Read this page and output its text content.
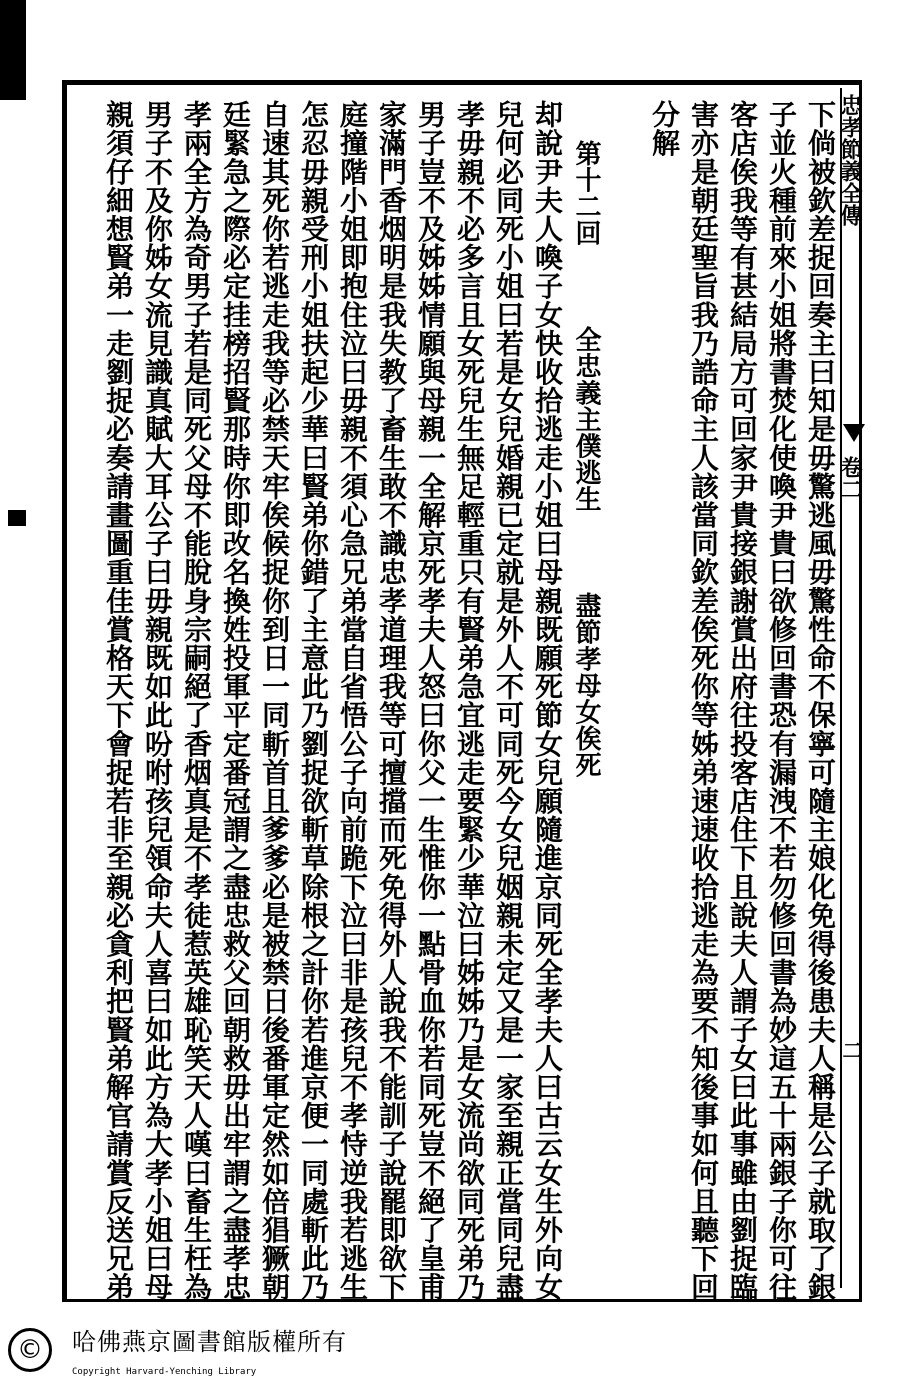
忠孝節義全傳
卷二
二
下倘被欽差捉回奏主曰知是毋驚逃風毋驚性命不保寧可隨主娘化免得後患夫人稱是公子就取了銀
子並火種前來小姐將書焚化使喚尹貴曰欲修回書恐有漏洩不若勿修回書為妙這五十兩銀子你可往
客店俟我等有甚結局方可回家尹貴接銀謝賞出府往投客店住下且說夫人謂子女曰此事雖由劉捉臨
害亦是朝廷聖旨我乃誥命主人該當同欽差俟死你等姊弟速速收拾逃走為要不知後事如何且聽下回
分解
第十二回　　　全忠義主僕逃生　　　盡節孝母女俟死
却說尹夫人喚子女快收拾逃走小姐曰母親既願死節女兒願隨進京同死全孝夫人曰古云女生外向女
兒何必同死小姐曰若是女兒婚親已定就是外人不可同死今女兒姻親未定又是一家至親正當同兒盡
孝毋親不必多言且女死兒生無足輕重只有賢弟急宜逃走要緊少華泣曰姊姊乃是女流尚欲同死弟乃
男子豈不及姊姊情願與母親一全解京死孝夫人怒曰你父一生惟你一點骨血你若同死豈不絕了皇甫
家滿門香烟明是我失教了畜生敢不識忠孝道理我等可擅擋而死免得外人說我不能訓子說罷即欲下
庭撞階小姐即抱住泣曰毋親不須心急兄弟當自省悟公子向前跪下泣曰非是孩兒不孝恃逆我若逃生
怎忍毋親受刑小姐扶起少華曰賢弟你錯了主意此乃劉捉欲斬草除根之計你若進京便一同處斬此乃
自速其死你若逃走我等必禁天牢俟候捉你到日一同斬首且爹爹必是被禁日後番軍定然如倍猖獗朝
廷緊急之際必定挂榜招賢那時你即改名換姓投軍平定番冠謂之盡忠救父回朝救毋出牢謂之盡孝忠
孝兩全方為奇男子若是同死父母不能脫身宗嗣絕了香烟真是不孝徒惹英雄恥笑天人嘆曰畜生枉為
男子不及你姊女流見識真賦大耳公子曰毋親既如此吩咐孩兒領命夫人喜曰如此方為大孝小姐曰母
親須仔細想賢弟一走劉捉必奏請畫圖重佳賞格天下會捉若非至親必貪利把賢弟解官請賞反送兄弟
©	哈佛燕京圖書館版權所有
Copyright Harvard-Yenching Library
